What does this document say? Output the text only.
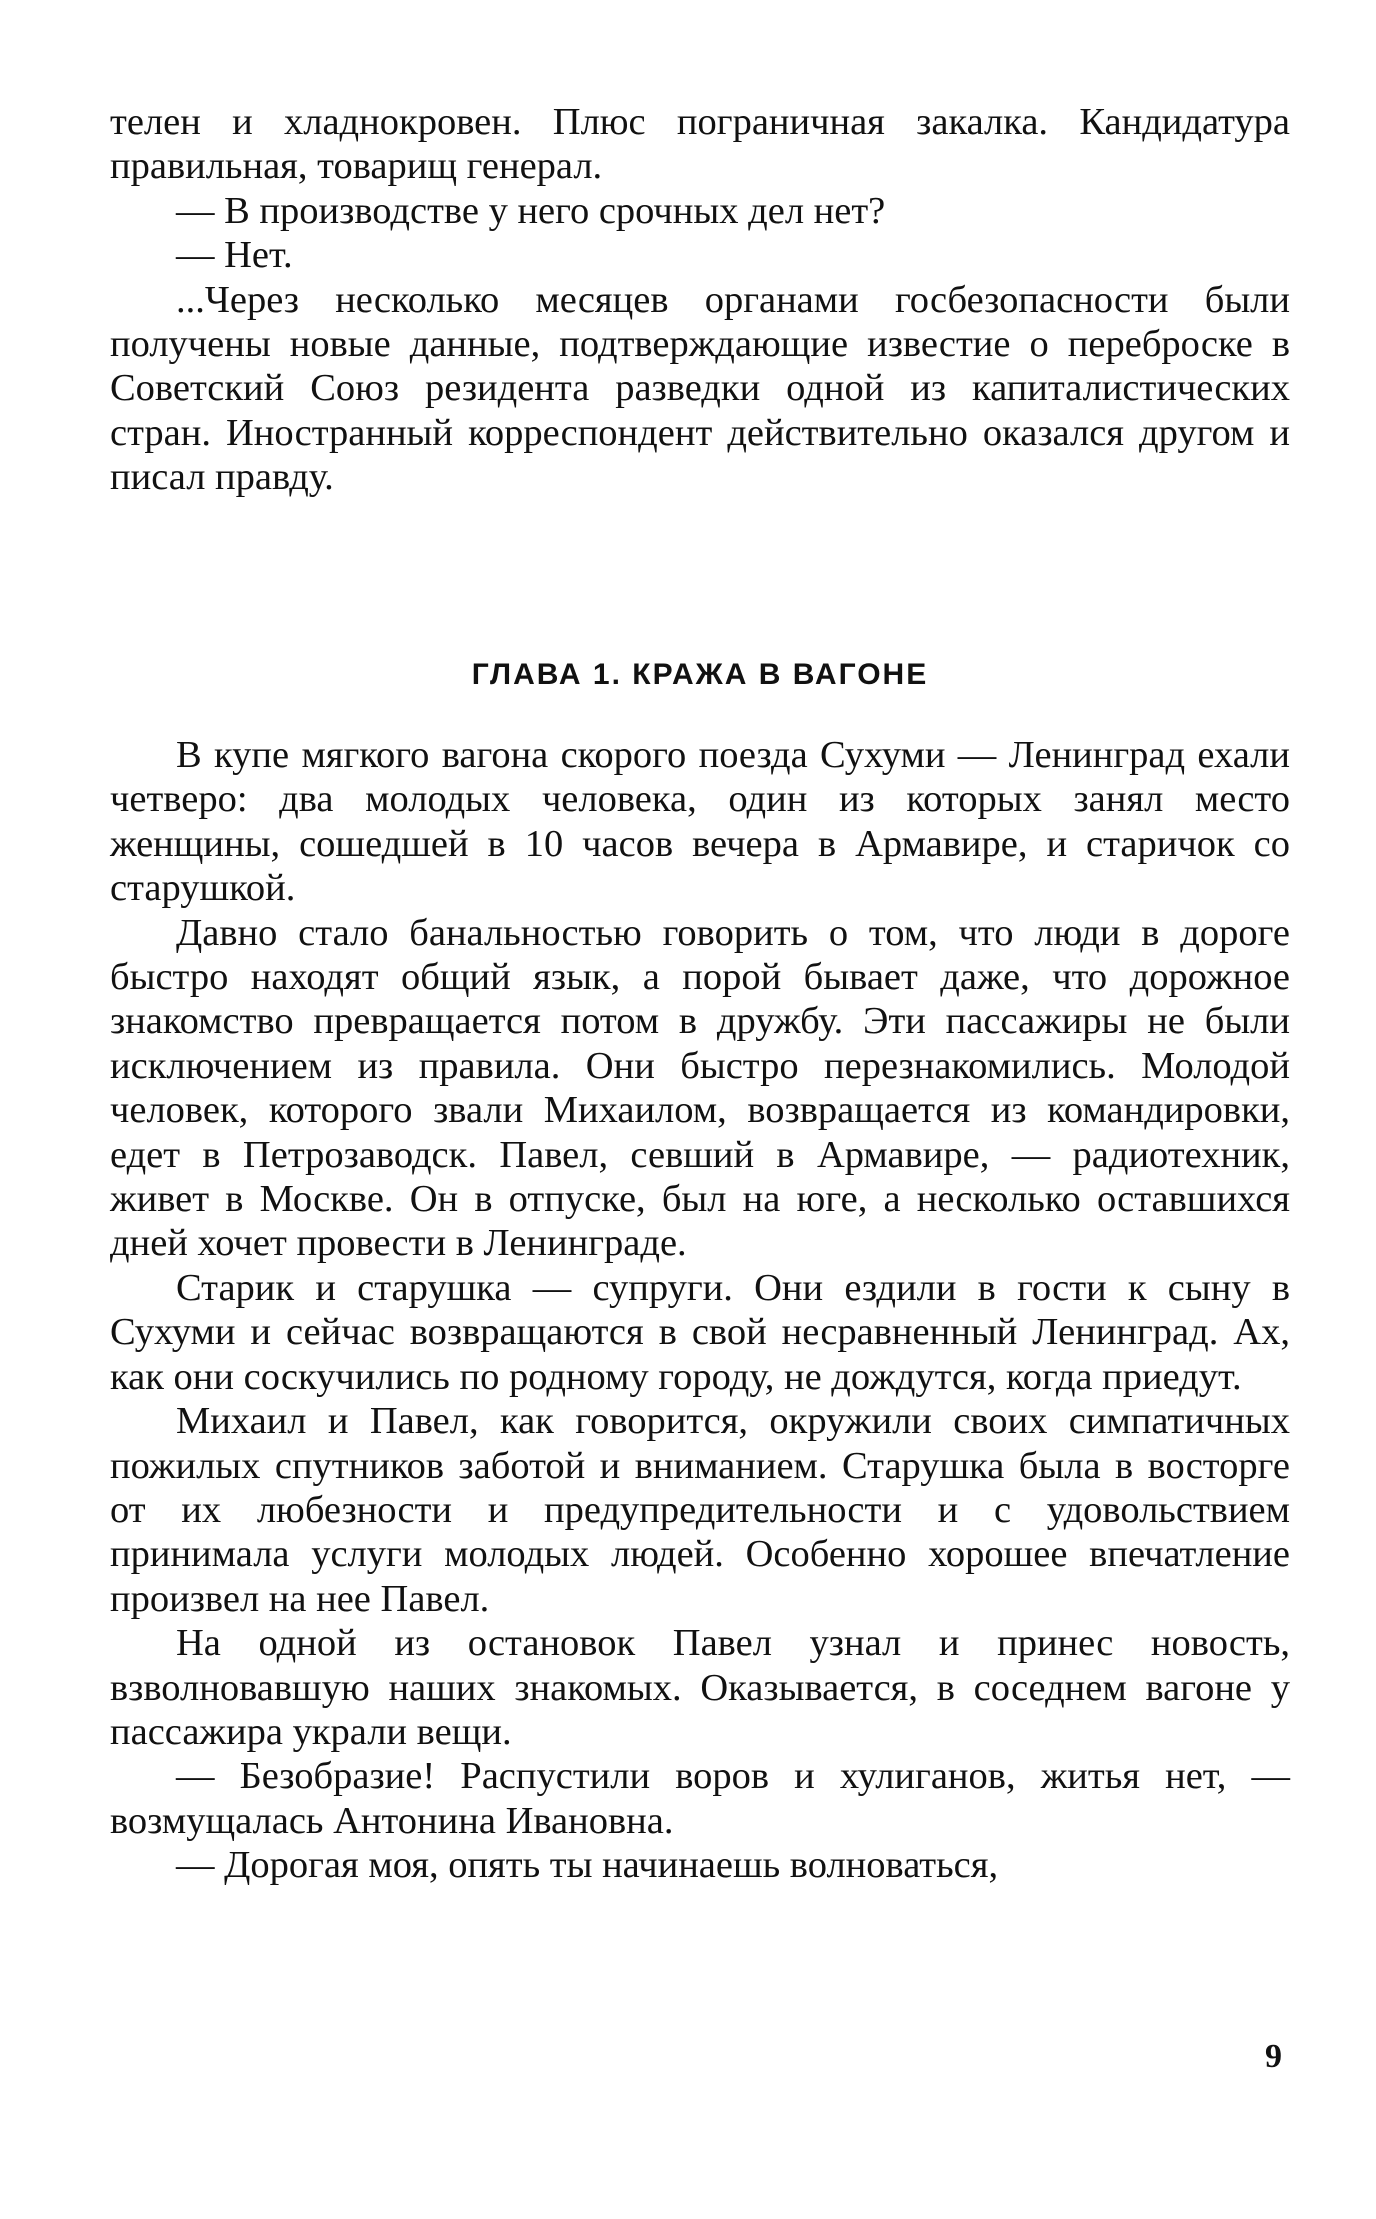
телен и хладнокровен. Плюс пограничная закалка. Кандидатура правильная, товарищ генерал.

— В производстве у него срочных дел нет?

— Нет.

...Через несколько месяцев органами госбезопасности были получены новые данные, подтверждающие известие о переброске в Советский Союз резидента разведки одной из капиталистических стран. Иностранный корреспондент действительно оказался другом и писал правду.

ГЛАВА 1. КРАЖА В ВАГОНЕ

В купе мягкого вагона скорого поезда Сухуми — Ленинград ехали четверо: два молодых человека, один из которых занял место женщины, сошедшей в 10 часов вечера в Армавире, и старичок со старушкой.

Давно стало банальностью говорить о том, что люди в дороге быстро находят общий язык, а порой бывает даже, что дорожное знакомство превращается потом в дружбу. Эти пассажиры не были исключением из правила. Они быстро перезнакомились. Молодой человек, которого звали Михаилом, возвращается из командировки, едет в Петрозаводск. Павел, севший в Армавире, — радиотехник, живет в Москве. Он в отпуске, был на юге, а несколько оставшихся дней хочет провести в Ленинграде.

Старик и старушка — супруги. Они ездили в гости к сыну в Сухуми и сейчас возвращаются в свой несравненный Ленинград. Ах, как они соскучились по родному городу, не дождутся, когда приедут.

Михаил и Павел, как говорится, окружили своих симпатичных пожилых спутников заботой и вниманием. Старушка была в восторге от их любезности и предупредительности и с удовольствием принимала услуги молодых людей. Особенно хорошее впечатление произвел на нее Павел.

На одной из остановок Павел узнал и принес новость, взволновавшую наших знакомых. Оказывается, в соседнем вагоне у пассажира украли вещи.

— Безобразие! Распустили воров и хулиганов, житья нет, — возмущалась Антонина Ивановна.

— Дорогая моя, опять ты начинаешь волноваться,

9
